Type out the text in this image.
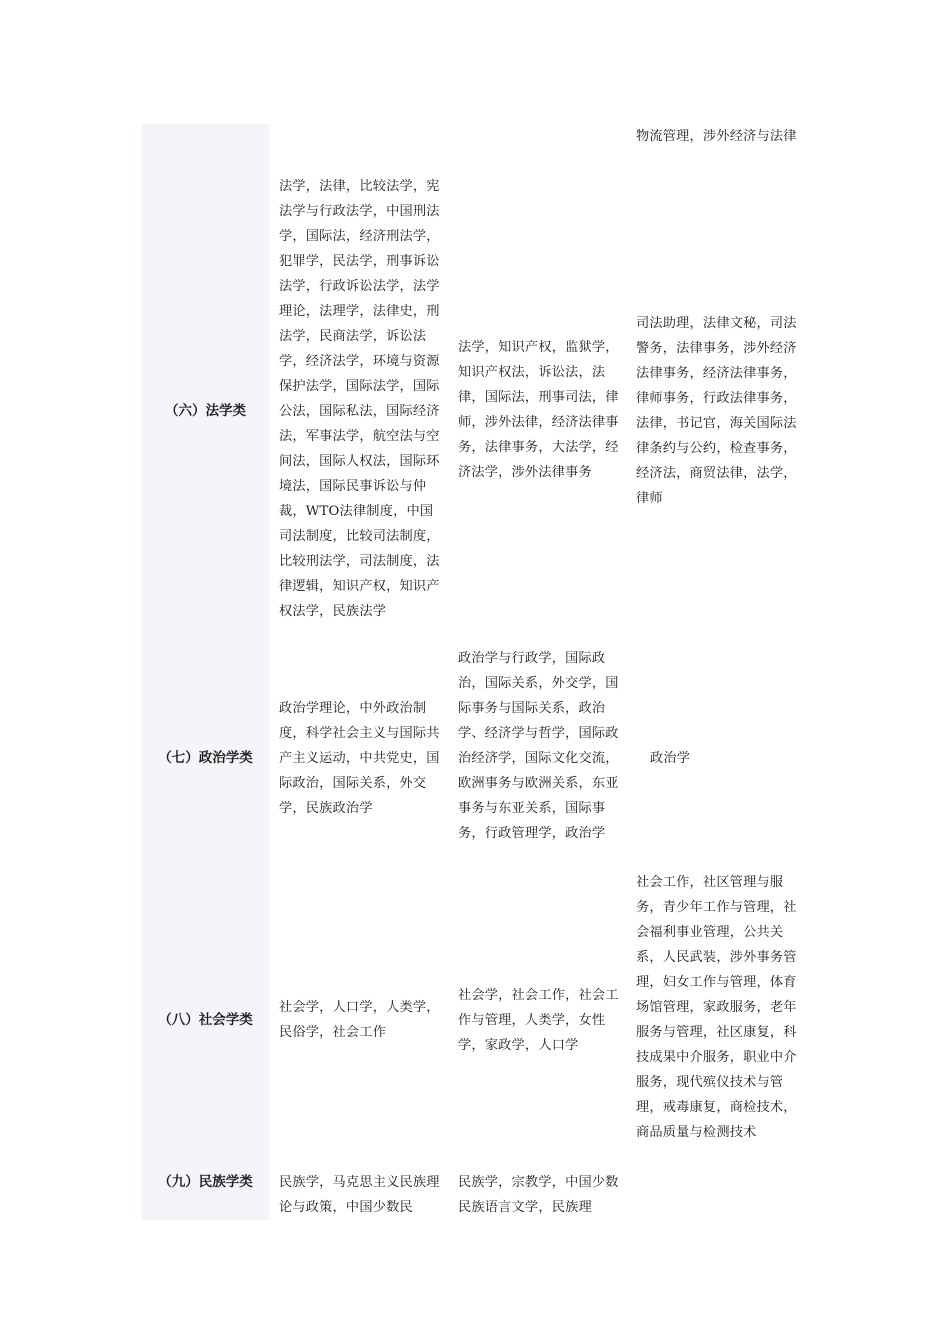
物流管理，涉外经济与法律
（六）法学类
法学，法律，比较法学，宪法学与行政法学，中国刑法学，国际法，经济刑法学，犯罪学，民法学，刑事诉讼法学，行政诉讼法学，法学理论，法理学，法律史，刑法学，民商法学，诉讼法学，经济法学，环境与资源保护法学，国际法学，国际公法，国际私法，国际经济法，军事法学，航空法与空间法，国际人权法，国际环境法，国际民事诉讼与仲裁，WTO法律制度，中国司法制度，比较司法制度，比较刑法学，司法制度，法律逻辑，知识产权，知识产权法学，民族法学
法学，知识产权，监狱学，知识产权法，诉讼法，法律，国际法，刑事司法，律师，涉外法律，经济法律事务，法律事务，大法学，经济法学，涉外法律事务
司法助理，法律文秘，司法警务，法律事务，涉外经济法律事务，经济法律事务，律师事务，行政法律事务，法律，书记官，海关国际法律条约与公约，检查事务，经济法，商贸法律，法学，律师
（七）政治学类
政治学理论，中外政治制度，科学社会主义与国际共产主义运动，中共党史，国际政治，国际关系，外交学，民族政治学
政治学与行政学，国际政治，国际关系，外交学，国际事务与国际关系，政治学、经济学与哲学，国际政治经济学，国际文化交流，欧洲事务与欧洲关系，东亚事务与东亚关系，国际事务，行政管理学，政治学
政治学
（八）社会学类
社会学，人口学，人类学，民俗学，社会工作
社会学，社会工作，社会工作与管理，人类学，女性学，家政学，人口学
社会工作，社区管理与服务，青少年工作与管理，社会福利事业管理，公共关系，人民武装，涉外事务管理，妇女工作与管理，体育场馆管理，家政服务，老年服务与管理，社区康复，科技成果中介服务，职业中介服务，现代殡仪技术与管理，戒毒康复，商检技术，商品质量与检测技术
（九）民族学类	民族学，马克思主义民族理论与政策，中国少数民
民族学，宗教学，中国少数民族语言文学，民族理
